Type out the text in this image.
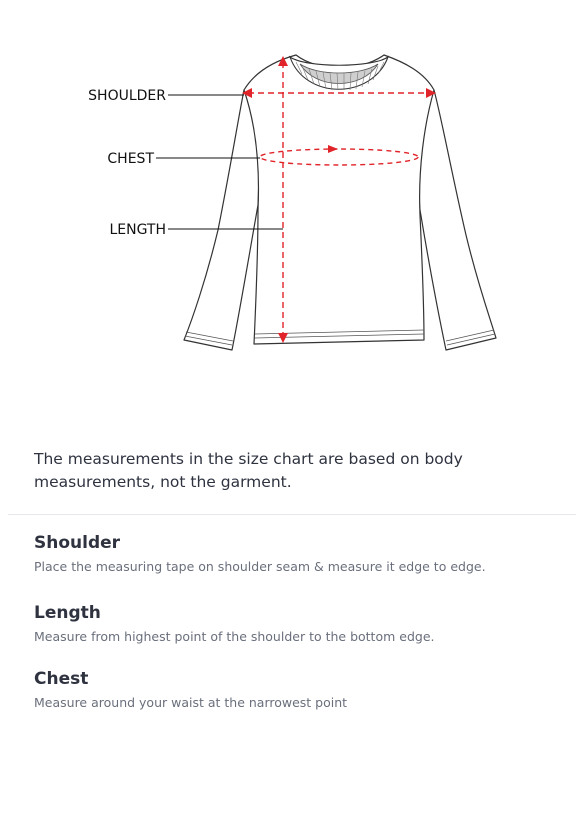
SHOULDER
CHEST
LENGTH

The measurements in the size chart are based on body measurements, not the garment.

Shoulder

Place the measuring tape on shoulder seam & measure it edge to edge.

Length

Measure from highest point of the shoulder to the bottom edge.

Chest

Measure around your waist at the narrowest point
